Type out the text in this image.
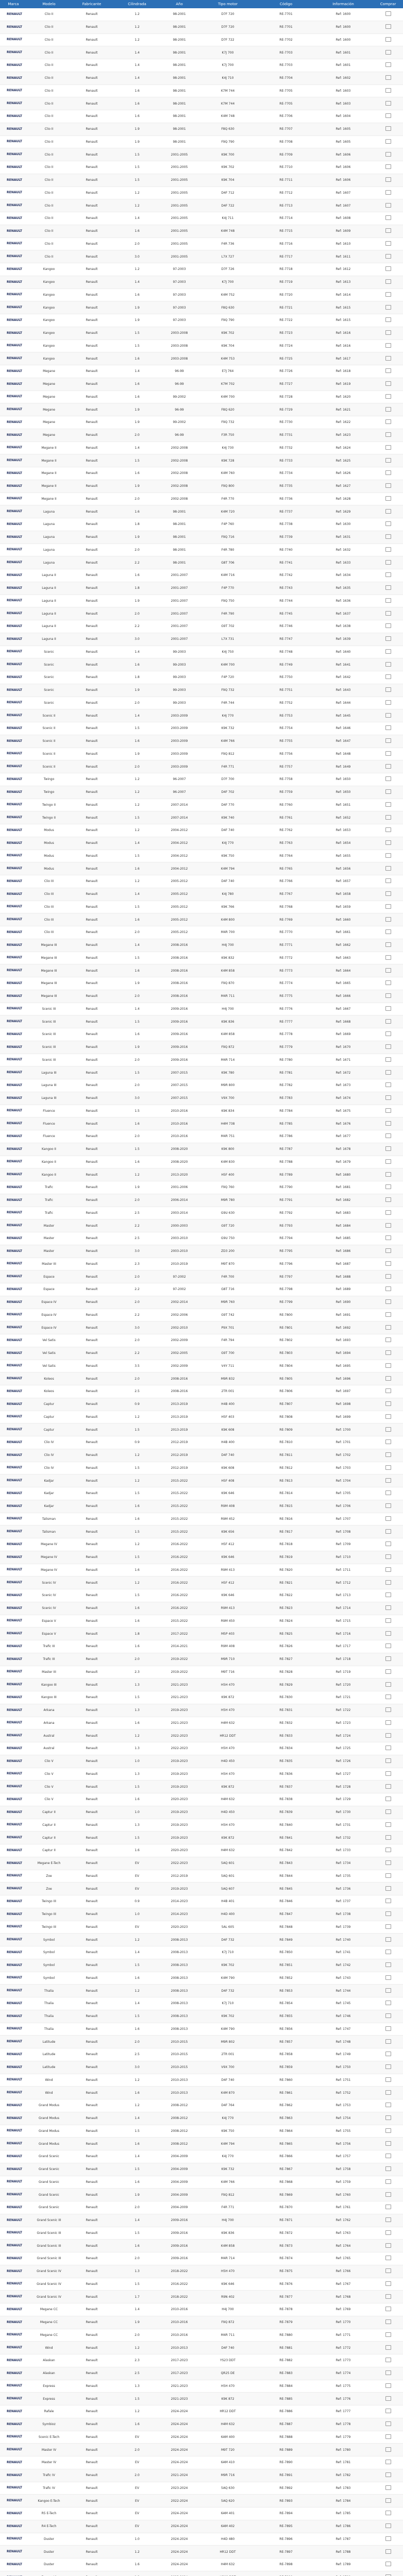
Marca	Modelo	Fabricante	Cilindrada	Año	Tipo motor	Código	Información	Comprar
RENAULT	Clio II	Renault	1.2	98-2001	D7F 720	RE-7701	Ref: 1600	
RENAULT	Clio II	Renault	1.2	98-2001	D7F 720	RE-7701	Ref: 1600	
RENAULT	Clio II	Renault	1.2	98-2001	D7F 722	RE-7702	Ref: 1600	
RENAULT	Clio II	Renault	1.4	98-2001	K7J 700	RE-7703	Ref: 1601	
RENAULT	Clio II	Renault	1.4	98-2001	K7J 700	RE-7703	Ref: 1601	
RENAULT	Clio II	Renault	1.4	98-2001	K4J 710	RE-7704	Ref: 1602	
RENAULT	Clio II	Renault	1.6	98-2001	K7M 744	RE-7705	Ref: 1603	
RENAULT	Clio II	Renault	1.6	98-2001	K7M 744	RE-7705	Ref: 1603	
RENAULT	Clio II	Renault	1.6	98-2001	K4M 748	RE-7706	Ref: 1604	
RENAULT	Clio II	Renault	1.9	98-2001	F8Q 630	RE-7707	Ref: 1605	
RENAULT	Clio II	Renault	1.9	98-2001	F9Q 790	RE-7708	Ref: 1605	
RENAULT	Clio II	Renault	1.5	2001-2005	K9K 700	RE-7709	Ref: 1606	
RENAULT	Clio II	Renault	1.5	2001-2005	K9K 702	RE-7710	Ref: 1606	
RENAULT	Clio II	Renault	1.5	2001-2005	K9K 704	RE-7711	Ref: 1606	
RENAULT	Clio II	Renault	1.2	2001-2005	D4F 712	RE-7712	Ref: 1607	
RENAULT	Clio II	Renault	1.2	2001-2005	D4F 722	RE-7713	Ref: 1607	
RENAULT	Clio II	Renault	1.4	2001-2005	K4J 711	RE-7714	Ref: 1608	
RENAULT	Clio II	Renault	1.6	2001-2005	K4M 748	RE-7715	Ref: 1609	
RENAULT	Clio II	Renault	2.0	2001-2005	F4R 736	RE-7716	Ref: 1610	
RENAULT	Clio II	Renault	3.0	2001-2005	L7X 727	RE-7717	Ref: 1611	
RENAULT	Kangoo	Renault	1.2	97-2003	D7F 726	RE-7718	Ref: 1612	
RENAULT	Kangoo	Renault	1.4	97-2003	K7J 700	RE-7719	Ref: 1613	
RENAULT	Kangoo	Renault	1.6	97-2003	K4M 752	RE-7720	Ref: 1614	
RENAULT	Kangoo	Renault	1.9	97-2003	F8Q 630	RE-7721	Ref: 1615	
RENAULT	Kangoo	Renault	1.9	97-2003	F9Q 790	RE-7722	Ref: 1615	
RENAULT	Kangoo	Renault	1.5	2003-2008	K9K 702	RE-7723	Ref: 1616	
RENAULT	Kangoo	Renault	1.5	2003-2008	K9K 704	RE-7724	Ref: 1616	
RENAULT	Kangoo	Renault	1.6	2003-2008	K4M 753	RE-7725	Ref: 1617	
RENAULT	Megane	Renault	1.4	96-99	E7J 764	RE-7726	Ref: 1618	
RENAULT	Megane	Renault	1.6	96-99	K7M 702	RE-7727	Ref: 1619	
RENAULT	Megane	Renault	1.6	99-2002	K4M 700	RE-7728	Ref: 1620	
RENAULT	Megane	Renault	1.9	96-99	F8Q 620	RE-7729	Ref: 1621	
RENAULT	Megane	Renault	1.9	99-2002	F9Q 732	RE-7730	Ref: 1622	
RENAULT	Megane	Renault	2.0	96-99	F3R 750	RE-7731	Ref: 1623	
RENAULT	Megane II	Renault	1.4	2002-2008	K4J 730	RE-7732	Ref: 1624	
RENAULT	Megane II	Renault	1.5	2002-2008	K9K 728	RE-7733	Ref: 1625	
RENAULT	Megane II	Renault	1.6	2002-2008	K4M 760	RE-7734	Ref: 1626	
RENAULT	Megane II	Renault	1.9	2002-2008	F9Q 800	RE-7735	Ref: 1627	
RENAULT	Megane II	Renault	2.0	2002-2008	F4R 770	RE-7736	Ref: 1628	
RENAULT	Laguna	Renault	1.6	98-2001	K4M 720	RE-7737	Ref: 1629	
RENAULT	Laguna	Renault	1.8	98-2001	F4P 760	RE-7738	Ref: 1630	
RENAULT	Laguna	Renault	1.9	98-2001	F9Q 716	RE-7739	Ref: 1631	
RENAULT	Laguna	Renault	2.0	98-2001	F4R 780	RE-7740	Ref: 1632	
RENAULT	Laguna	Renault	2.2	98-2001	G8T 706	RE-7741	Ref: 1633	
RENAULT	Laguna II	Renault	1.6	2001-2007	K4M 716	RE-7742	Ref: 1634	
RENAULT	Laguna II	Renault	1.8	2001-2007	F4P 770	RE-7743	Ref: 1635	
RENAULT	Laguna II	Renault	1.9	2001-2007	F9Q 750	RE-7744	Ref: 1636	
RENAULT	Laguna II	Renault	2.0	2001-2007	F4R 790	RE-7745	Ref: 1637	
RENAULT	Laguna II	Renault	2.2	2001-2007	G9T 702	RE-7746	Ref: 1638	
RENAULT	Laguna II	Renault	3.0	2001-2007	L7X 731	RE-7747	Ref: 1639	
RENAULT	Scenic	Renault	1.4	99-2003	K4J 750	RE-7748	Ref: 1640	
RENAULT	Scenic	Renault	1.6	99-2003	K4M 700	RE-7749	Ref: 1641	
RENAULT	Scenic	Renault	1.8	99-2003	F4P 720	RE-7750	Ref: 1642	
RENAULT	Scenic	Renault	1.9	99-2003	F9Q 732	RE-7751	Ref: 1643	
RENAULT	Scenic	Renault	2.0	99-2003	F4R 744	RE-7752	Ref: 1644	
RENAULT	Scenic II	Renault	1.4	2003-2009	K4J 770	RE-7753	Ref: 1645	
RENAULT	Scenic II	Renault	1.5	2003-2009	K9K 732	RE-7754	Ref: 1646	
RENAULT	Scenic II	Renault	1.6	2003-2009	K4M 766	RE-7755	Ref: 1647	
RENAULT	Scenic II	Renault	1.9	2003-2009	F9Q 812	RE-7756	Ref: 1648	
RENAULT	Scenic II	Renault	2.0	2003-2009	F4R 771	RE-7757	Ref: 1649	
RENAULT	Twingo	Renault	1.2	96-2007	D7F 700	RE-7758	Ref: 1650	
RENAULT	Twingo	Renault	1.2	96-2007	D4F 702	RE-7759	Ref: 1650	
RENAULT	Twingo II	Renault	1.2	2007-2014	D4F 770	RE-7760	Ref: 1651	
RENAULT	Twingo II	Renault	1.5	2007-2014	K9K 740	RE-7761	Ref: 1652	
RENAULT	Modus	Renault	1.2	2004-2012	D4F 740	RE-7762	Ref: 1653	
RENAULT	Modus	Renault	1.4	2004-2012	K4J 770	RE-7763	Ref: 1654	
RENAULT	Modus	Renault	1.5	2004-2012	K9K 750	RE-7764	Ref: 1655	
RENAULT	Modus	Renault	1.6	2004-2012	K4M 794	RE-7765	Ref: 1656	
RENAULT	Clio III	Renault	1.2	2005-2012	D4F 740	RE-7766	Ref: 1657	
RENAULT	Clio III	Renault	1.4	2005-2012	K4J 780	RE-7767	Ref: 1658	
RENAULT	Clio III	Renault	1.5	2005-2012	K9K 766	RE-7768	Ref: 1659	
RENAULT	Clio III	Renault	1.6	2005-2012	K4M 800	RE-7769	Ref: 1660	
RENAULT	Clio III	Renault	2.0	2005-2012	M4R 700	RE-7770	Ref: 1661	
RENAULT	Megane III	Renault	1.4	2008-2016	H4J 700	RE-7771	Ref: 1662	
RENAULT	Megane III	Renault	1.5	2008-2016	K9K 832	RE-7772	Ref: 1663	
RENAULT	Megane III	Renault	1.6	2008-2016	K4M 858	RE-7773	Ref: 1664	
RENAULT	Megane III	Renault	1.9	2008-2016	F9Q 870	RE-7774	Ref: 1665	
RENAULT	Megane III	Renault	2.0	2008-2016	M4R 711	RE-7775	Ref: 1666	
RENAULT	Scenic III	Renault	1.4	2009-2016	H4J 700	RE-7776	Ref: 1667	
RENAULT	Scenic III	Renault	1.5	2009-2016	K9K 836	RE-7777	Ref: 1668	
RENAULT	Scenic III	Renault	1.6	2009-2016	K4M 858	RE-7778	Ref: 1669	
RENAULT	Scenic III	Renault	1.9	2009-2016	F9Q 872	RE-7779	Ref: 1670	
RENAULT	Scenic III	Renault	2.0	2009-2016	M4R 714	RE-7780	Ref: 1671	
RENAULT	Laguna III	Renault	1.5	2007-2015	K9K 780	RE-7781	Ref: 1672	
RENAULT	Laguna III	Renault	2.0	2007-2015	M9R 800	RE-7782	Ref: 1673	
RENAULT	Laguna III	Renault	3.0	2007-2015	V9X 700	RE-7783	Ref: 1674	
RENAULT	Fluence	Renault	1.5	2010-2016	K9K 834	RE-7784	Ref: 1675	
RENAULT	Fluence	Renault	1.6	2010-2016	H4M 738	RE-7785	Ref: 1676	
RENAULT	Fluence	Renault	2.0	2010-2016	M4R 751	RE-7786	Ref: 1677	
RENAULT	Kangoo II	Renault	1.5	2008-2020	K9K 800	RE-7787	Ref: 1678	
RENAULT	Kangoo II	Renault	1.6	2008-2020	K4M 830	RE-7788	Ref: 1679	
RENAULT	Kangoo II	Renault	1.2	2013-2020	H5F 400	RE-7789	Ref: 1680	
RENAULT	Trafic	Renault	1.9	2001-2006	F9Q 760	RE-7790	Ref: 1681	
RENAULT	Trafic	Renault	2.0	2006-2014	M9R 780	RE-7791	Ref: 1682	
RENAULT	Trafic	Renault	2.5	2003-2014	G9U 630	RE-7792	Ref: 1683	
RENAULT	Master	Renault	2.2	2000-2003	G9T 720	RE-7793	Ref: 1684	
RENAULT	Master	Renault	2.5	2003-2010	G9U 750	RE-7794	Ref: 1685	
RENAULT	Master	Renault	3.0	2003-2010	ZD3 200	RE-7795	Ref: 1686	
RENAULT	Master III	Renault	2.3	2010-2019	M9T 870	RE-7796	Ref: 1687	
RENAULT	Espace	Renault	2.0	97-2002	F4R 700	RE-7797	Ref: 1688	
RENAULT	Espace	Renault	2.2	97-2002	G8T 716	RE-7798	Ref: 1689	
RENAULT	Espace IV	Renault	2.0	2002-2014	M9R 760	RE-7799	Ref: 1690	
RENAULT	Espace IV	Renault	2.2	2002-2006	G9T 742	RE-7800	Ref: 1691	
RENAULT	Espace IV	Renault	3.0	2002-2010	P9X 701	RE-7801	Ref: 1692	
RENAULT	Vel Satis	Renault	2.0	2002-2009	F4R 794	RE-7802	Ref: 1693	
RENAULT	Vel Satis	Renault	2.2	2002-2005	G9T 700	RE-7803	Ref: 1694	
RENAULT	Vel Satis	Renault	3.5	2002-2009	V4Y 711	RE-7804	Ref: 1695	
RENAULT	Koleos	Renault	2.0	2008-2016	M9R 832	RE-7805	Ref: 1696	
RENAULT	Koleos	Renault	2.5	2008-2016	2TR 001	RE-7806	Ref: 1697	
RENAULT	Captur	Renault	0.9	2013-2019	H4B 400	RE-7807	Ref: 1698	
RENAULT	Captur	Renault	1.2	2013-2019	H5F 403	RE-7808	Ref: 1699	
RENAULT	Captur	Renault	1.5	2013-2019	K9K 608	RE-7809	Ref: 1700	
RENAULT	Clio IV	Renault	0.9	2012-2019	H4B 400	RE-7810	Ref: 1701	
RENAULT	Clio IV	Renault	1.2	2012-2019	D4F 740	RE-7811	Ref: 1702	
RENAULT	Clio IV	Renault	1.5	2012-2019	K9K 608	RE-7812	Ref: 1703	
RENAULT	Kadjar	Renault	1.2	2015-2022	H5F 408	RE-7813	Ref: 1704	
RENAULT	Kadjar	Renault	1.5	2015-2022	K9K 646	RE-7814	Ref: 1705	
RENAULT	Kadjar	Renault	1.6	2015-2022	R9M 408	RE-7815	Ref: 1706	
RENAULT	Talisman	Renault	1.6	2015-2022	R9M 452	RE-7816	Ref: 1707	
RENAULT	Talisman	Renault	1.5	2015-2022	K9K 656	RE-7817	Ref: 1708	
RENAULT	Megane IV	Renault	1.2	2016-2022	H5F 412	RE-7818	Ref: 1709	
RENAULT	Megane IV	Renault	1.5	2016-2022	K9K 646	RE-7819	Ref: 1710	
RENAULT	Megane IV	Renault	1.6	2016-2022	R9M 413	RE-7820	Ref: 1711	
RENAULT	Scenic IV	Renault	1.2	2016-2022	H5F 412	RE-7821	Ref: 1712	
RENAULT	Scenic IV	Renault	1.5	2016-2022	K9K 646	RE-7822	Ref: 1713	
RENAULT	Scenic IV	Renault	1.6	2016-2022	R9M 413	RE-7823	Ref: 1714	
RENAULT	Espace V	Renault	1.6	2015-2022	R9M 450	RE-7824	Ref: 1715	
RENAULT	Espace V	Renault	1.8	2017-2022	M5P 403	RE-7825	Ref: 1716	
RENAULT	Trafic III	Renault	1.6	2014-2021	R9M 408	RE-7826	Ref: 1717	
RENAULT	Trafic III	Renault	2.0	2019-2022	M9R 710	RE-7827	Ref: 1718	
RENAULT	Master III	Renault	2.3	2019-2022	M9T 716	RE-7828	Ref: 1719	
RENAULT	Kangoo III	Renault	1.3	2021-2023	H5H 470	RE-7829	Ref: 1720	
RENAULT	Kangoo III	Renault	1.5	2021-2023	K9K 872	RE-7830	Ref: 1721	
RENAULT	Arkana	Renault	1.3	2019-2023	H5H 470	RE-7831	Ref: 1722	
RENAULT	Arkana	Renault	1.6	2021-2023	H4M 632	RE-7832	Ref: 1723	
RENAULT	Austral	Renault	1.2	2022-2023	HR12 DDT	RE-7833	Ref: 1724	
RENAULT	Austral	Renault	1.3	2022-2023	H5H 470	RE-7834	Ref: 1725	
RENAULT	Clio V	Renault	1.0	2019-2023	H4D 450	RE-7835	Ref: 1726	
RENAULT	Clio V	Renault	1.3	2019-2023	H5H 470	RE-7836	Ref: 1727	
RENAULT	Clio V	Renault	1.5	2019-2023	K9K 872	RE-7837	Ref: 1728	
RENAULT	Clio V	Renault	1.6	2020-2023	H4M 632	RE-7838	Ref: 1729	
RENAULT	Captur II	Renault	1.0	2019-2023	H4D 450	RE-7839	Ref: 1730	
RENAULT	Captur II	Renault	1.3	2019-2023	H5H 470	RE-7840	Ref: 1731	
RENAULT	Captur II	Renault	1.5	2019-2023	K9K 872	RE-7841	Ref: 1732	
RENAULT	Captur II	Renault	1.6	2020-2023	H4M 632	RE-7842	Ref: 1733	
RENAULT	Megane E-Tech	Renault	EV	2022-2023	5AQ 601	RE-7843	Ref: 1734	
RENAULT	Zoe	Renault	EV	2012-2019	5AQ 601	RE-7844	Ref: 1735	
RENAULT	Zoe	Renault	EV	2019-2023	5AQ 607	RE-7845	Ref: 1736	
RENAULT	Twingo III	Renault	0.9	2014-2023	H4B 401	RE-7846	Ref: 1737	
RENAULT	Twingo III	Renault	1.0	2014-2023	H4D 400	RE-7847	Ref: 1738	
RENAULT	Twingo III	Renault	EV	2020-2023	5AL 605	RE-7848	Ref: 1739	
RENAULT	Symbol	Renault	1.2	2008-2013	D4F 732	RE-7849	Ref: 1740	
RENAULT	Symbol	Renault	1.4	2008-2013	K7J 710	RE-7850	Ref: 1741	
RENAULT	Symbol	Renault	1.5	2008-2013	K9K 702	RE-7851	Ref: 1742	
RENAULT	Symbol	Renault	1.6	2008-2013	K4M 790	RE-7852	Ref: 1743	
RENAULT	Thalia	Renault	1.2	2008-2013	D4F 732	RE-7853	Ref: 1744	
RENAULT	Thalia	Renault	1.4	2008-2013	K7J 710	RE-7854	Ref: 1745	
RENAULT	Thalia	Renault	1.5	2008-2013	K9K 702	RE-7855	Ref: 1746	
RENAULT	Thalia	Renault	1.6	2008-2013	K4M 790	RE-7856	Ref: 1747	
RENAULT	Latitude	Renault	2.0	2010-2015	M9R 802	RE-7857	Ref: 1748	
RENAULT	Latitude	Renault	2.5	2010-2015	2TR 001	RE-7858	Ref: 1749	
RENAULT	Latitude	Renault	3.0	2010-2015	V9X 700	RE-7859	Ref: 1750	
RENAULT	Wind	Renault	1.2	2010-2013	D4F 740	RE-7860	Ref: 1751	
RENAULT	Wind	Renault	1.6	2010-2013	K4M 870	RE-7861	Ref: 1752	
RENAULT	Grand Modus	Renault	1.2	2008-2012	D4F 764	RE-7862	Ref: 1753	
RENAULT	Grand Modus	Renault	1.4	2008-2012	K4J 770	RE-7863	Ref: 1754	
RENAULT	Grand Modus	Renault	1.5	2008-2012	K9K 750	RE-7864	Ref: 1755	
RENAULT	Grand Modus	Renault	1.6	2008-2012	K4M 794	RE-7865	Ref: 1756	
RENAULT	Grand Scenic	Renault	1.4	2004-2009	K4J 770	RE-7866	Ref: 1757	
RENAULT	Grand Scenic	Renault	1.5	2004-2009	K9K 732	RE-7867	Ref: 1758	
RENAULT	Grand Scenic	Renault	1.6	2004-2009	K4M 766	RE-7868	Ref: 1759	
RENAULT	Grand Scenic	Renault	1.9	2004-2009	F9Q 812	RE-7869	Ref: 1760	
RENAULT	Grand Scenic	Renault	2.0	2004-2009	F4R 771	RE-7870	Ref: 1761	
RENAULT	Grand Scenic III	Renault	1.4	2009-2016	H4J 700	RE-7871	Ref: 1762	
RENAULT	Grand Scenic III	Renault	1.5	2009-2016	K9K 836	RE-7872	Ref: 1763	
RENAULT	Grand Scenic III	Renault	1.6	2009-2016	K4M 858	RE-7873	Ref: 1764	
RENAULT	Grand Scenic III	Renault	2.0	2009-2016	M4R 714	RE-7874	Ref: 1765	
RENAULT	Grand Scenic IV	Renault	1.3	2018-2022	H5H 470	RE-7875	Ref: 1766	
RENAULT	Grand Scenic IV	Renault	1.5	2016-2022	K9K 646	RE-7876	Ref: 1767	
RENAULT	Grand Scenic IV	Renault	1.7	2018-2022	R9N 402	RE-7877	Ref: 1768	
RENAULT	Megane CC	Renault	1.4	2010-2016	H4J 700	RE-7878	Ref: 1769	
RENAULT	Megane CC	Renault	1.9	2010-2016	F9Q 872	RE-7879	Ref: 1770	
RENAULT	Megane CC	Renault	2.0	2010-2016	M4R 711	RE-7880	Ref: 1771	
RENAULT	Wind	Renault	1.2	2010-2013	D4F 740	RE-7881	Ref: 1772	
RENAULT	Alaskan	Renault	2.3	2017-2023	YS23 DDT	RE-7882	Ref: 1773	
RENAULT	Alaskan	Renault	2.5	2017-2023	QR25 DE	RE-7883	Ref: 1774	
RENAULT	Express	Renault	1.3	2021-2023	H5H 470	RE-7884	Ref: 1775	
RENAULT	Express	Renault	1.5	2021-2023	K9K 872	RE-7885	Ref: 1776	
RENAULT	Rafale	Renault	1.2	2024-2024	HR12 DDT	RE-7886	Ref: 1777	
RENAULT	Symbioz	Renault	1.6	2024-2024	H4M 632	RE-7887	Ref: 1778	
RENAULT	Scenic E-Tech	Renault	EV	2024-2024	6AM 400	RE-7888	Ref: 1779	
RENAULT	Master IV	Renault	2.0	2024-2024	M9T 720	RE-7889	Ref: 1780	
RENAULT	Master IV	Renault	EV	2024-2024	6AM 410	RE-7890	Ref: 1781	
RENAULT	Trafic IV	Renault	2.0	2021-2024	M9R 716	RE-7891	Ref: 1782	
RENAULT	Trafic IV	Renault	EV	2023-2024	5AQ 630	RE-7892	Ref: 1783	
RENAULT	Kangoo E-Tech	Renault	EV	2022-2024	5AQ 620	RE-7893	Ref: 1784	
RENAULT	R5 E-Tech	Renault	EV	2024-2024	6AM 401	RE-7894	Ref: 1785	
RENAULT	R4 E-Tech	Renault	EV	2024-2024	6AM 402	RE-7895	Ref: 1786	
RENAULT	Duster	Renault	1.0	2024-2024	H4D 480	RE-7896	Ref: 1787	
RENAULT	Duster	Renault	1.2	2024-2024	HR12 DDT	RE-7897	Ref: 1788	
RENAULT	Duster	Renault	1.6	2024-2024	H4M 632	RE-7898	Ref: 1789	
